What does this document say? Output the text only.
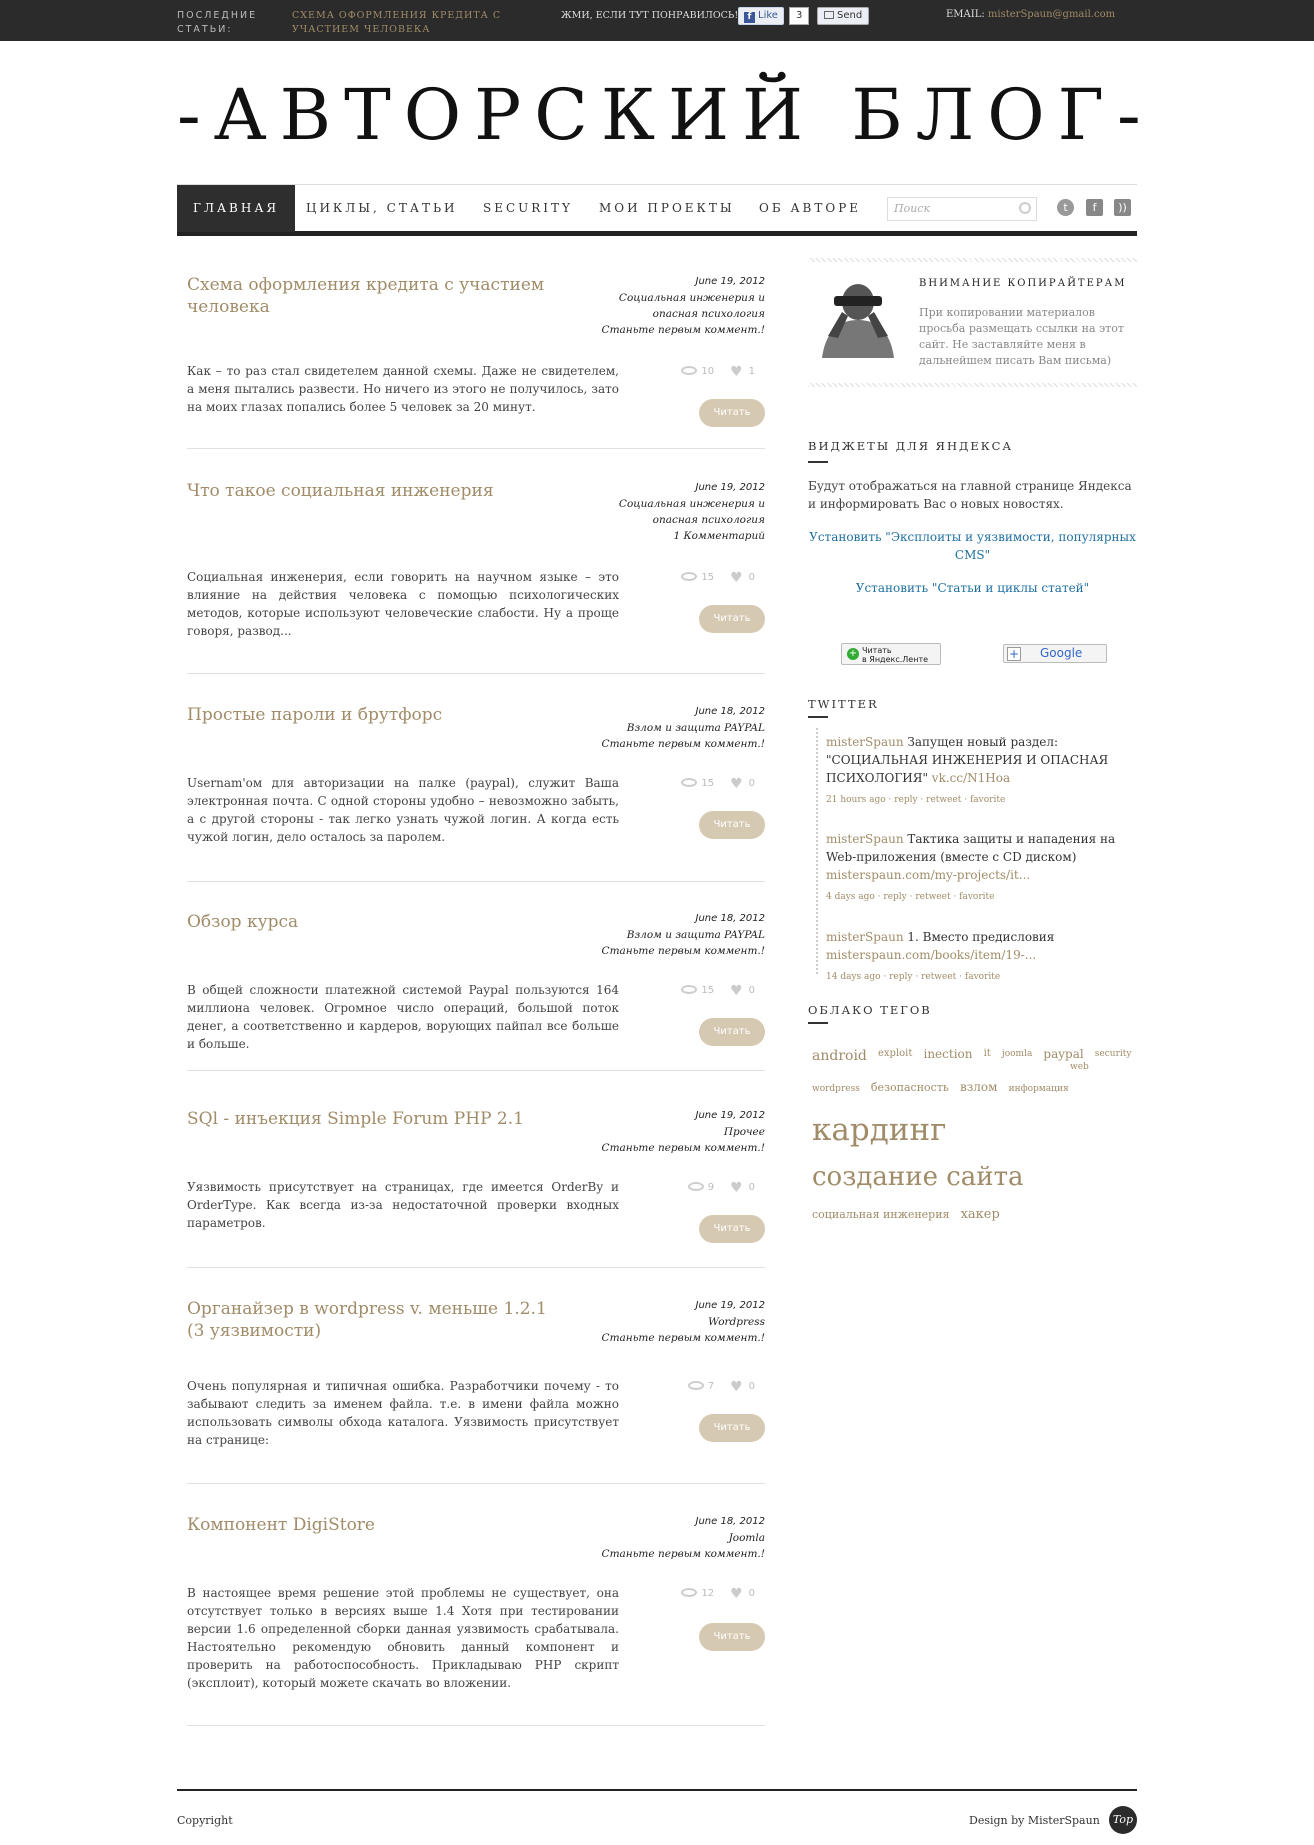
ПОСЛЕДНИЕ СТАТЬИ:
СХЕМА ОФОРМЛЕНИЯ КРЕДИТА С УЧАСТИЕМ ЧЕЛОВЕКА
ЖМИ, ЕСЛИ ТУТ ПОНРАВИЛОСЬ!	f Like	3	Send	EMAIL: misterSpaun@gmail.com
-АВТОРСКИЙ БЛОГ-
ГЛАВНАЯ	ЦИКЛЫ, СТАТЬИ SECURITY МОИ ПРОЕКТЫ ОБ АВТОРЕ	Поиск	t	f	))
Схема оформления кредита с участием человека
June 19, 2012
Социальная инженерия и опасная психология
Станьте первым коммент.!
Как – то раз стал свидетелем данной схемы. Даже не свидетелем, а меня пытались развести. Но ничего из этого не получилось, зато на моих глазах попались более 5 человек за 20 минут.
10 ♥ 1
Читать
Что такое социальная инженерия	June 19, 2012
Социальная инженерия и опасная психология
1 Комментарий
Социальная инженерия, если говорить на научном языке – это влияние на действия человека с помощью психологических методов, которые используют человеческие слабости. Ну а проще говоря, развод...
15 ♥ 0
Читать
Простые пароли и брутфорс	June 18, 2012
Взлом и защита PAYPAL
Станьте первым коммент.!
Usernam'ом для авторизации на палке (paypal), служит Ваша электронная почта. С одной стороны удобно – невозможно забыть, а с другой стороны - так легко узнать чужой логин. А когда есть чужой логин, дело осталось за паролем.
15 ♥ 0
Читать
Обзор курса	June 18, 2012
Взлом и защита PAYPAL
Станьте первым коммент.!
В общей сложности платежной системой Paypal пользуются 164 миллиона человек. Огромное число операций, большой поток денег, а соответственно и кардеров, ворующих пайпал все больше и больше.
15 ♥ 0
Читать
SQl - инъекция Simple Forum PHP 2.1	June 19, 2012
Прочее
Станьте первым коммент.!
Уязвимость присутствует на страницах, где имеется OrderBy и OrderType. Как всегда из-за недостаточной проверки входных параметров.
9 ♥ 0
Читать
Органайзер в wordpress v. меньше 1.2.1 (3 уязвимости)
June 19, 2012
Wordpress
Станьте первым коммент.!
Очень популярная и типичная ошибка. Разработчики почему - то забывают следить за именем файла. т.е. в имени файла можно использовать символы обхода каталога. Уязвимость присутствует на странице:
7 ♥ 0
Читать
Компонент DigiStore	June 18, 2012
Joomla
Станьте первым коммент.!
В настоящее время решение этой проблемы не существует, она отсутствует только в версиях выше 1.4 Хотя при тестировании версии 1.6 определенной сборки данная уязвимость срабатывала. Настоятельно рекомендую обновить данный компонент и проверить на работоспособность. Прикладываю PHP скрипт (эксплоит), который можете скачать во вложении.
12 ♥ 0
Читать
ВНИМАНИЕ КОПИРАЙТЕРАМ
При копировании материалов просьба размещать ссылки на этот сайт. Не заставляйте меня в дальнейшем писать Вам письма)
ВИДЖЕТЫ ДЛЯ ЯНДЕКСА
Будут отображаться на главной странице Яндекса и информировать Вас о новых новостях.
Установить "Эксплоиты и уязвимости, популярных CMS"
Установить "Статьи и циклы статей"
+ Читать
в Яндекс.Ленте	+ Google
TWITTER
misterSpaun Запущен новый раздел: "СОЦИАЛЬНАЯ ИНЖЕНЕРИЯ И ОПАСНАЯ ПСИХОЛОГИЯ" vk.cc/N1Hoa
21 hours ago · reply · retweet · favorite
misterSpaun Тактика защиты и нападения на Web-приложения (вместе с CD диском) misterspaun.com/my-projects/it...
4 days ago · reply · retweet · favorite
misterSpaun 1. Вместо предисловия misterspaun.com/books/item/19-...
14 days ago · reply · retweet · favorite
ОБЛАКО ТЕГОВ
android $^{exploit}$ inection $^{it}$ $^{joomla}$ paypal $^{security}$
web
wordpress безопасность взлом информация
кардинг
создание сайта
социальная инженерия хакер
Copyright	Design by MisterSpaun	Top
